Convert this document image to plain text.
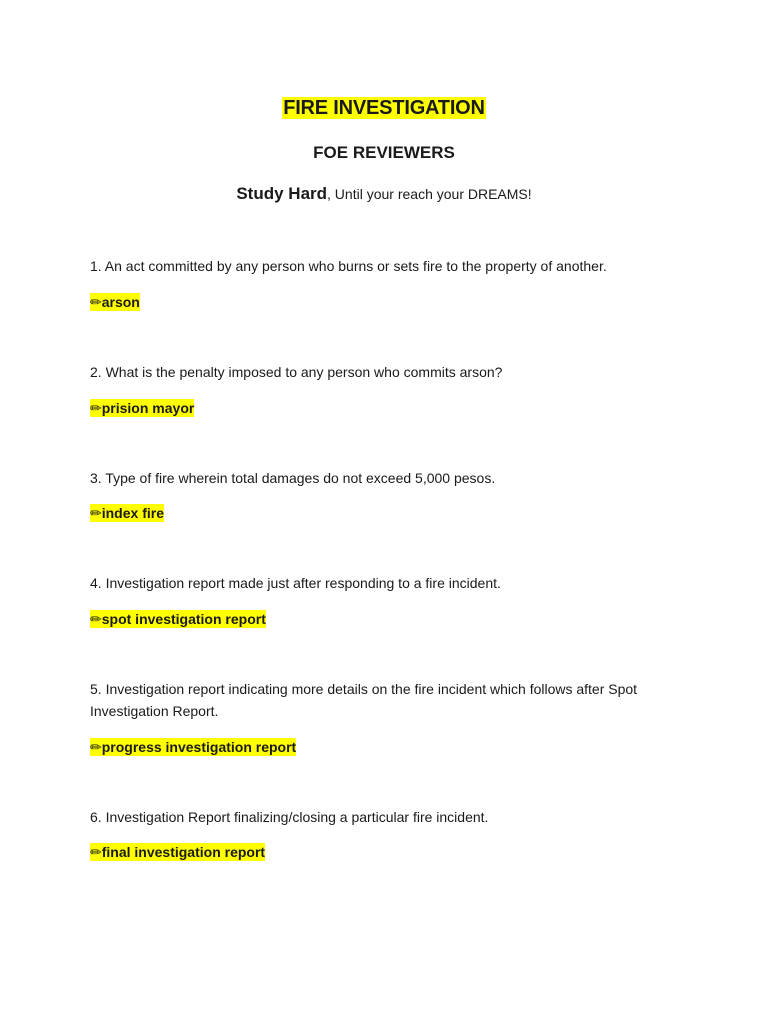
FIRE INVESTIGATION
FOE REVIEWERS
Study Hard, Until your reach your DREAMS!
1. An act committed by any person who burns or sets fire to the property of another.
✏arson
2. What is the penalty imposed to any person who commits arson?
✏prision mayor
3. Type of fire wherein total damages do not exceed 5,000 pesos.
✏index fire
4. Investigation report made just after responding to a fire incident.
✏spot investigation report
5. Investigation report indicating more details on the fire incident which follows after Spot Investigation Report.
✏progress investigation report
6. Investigation Report finalizing/closing a particular fire incident.
✏final investigation report
